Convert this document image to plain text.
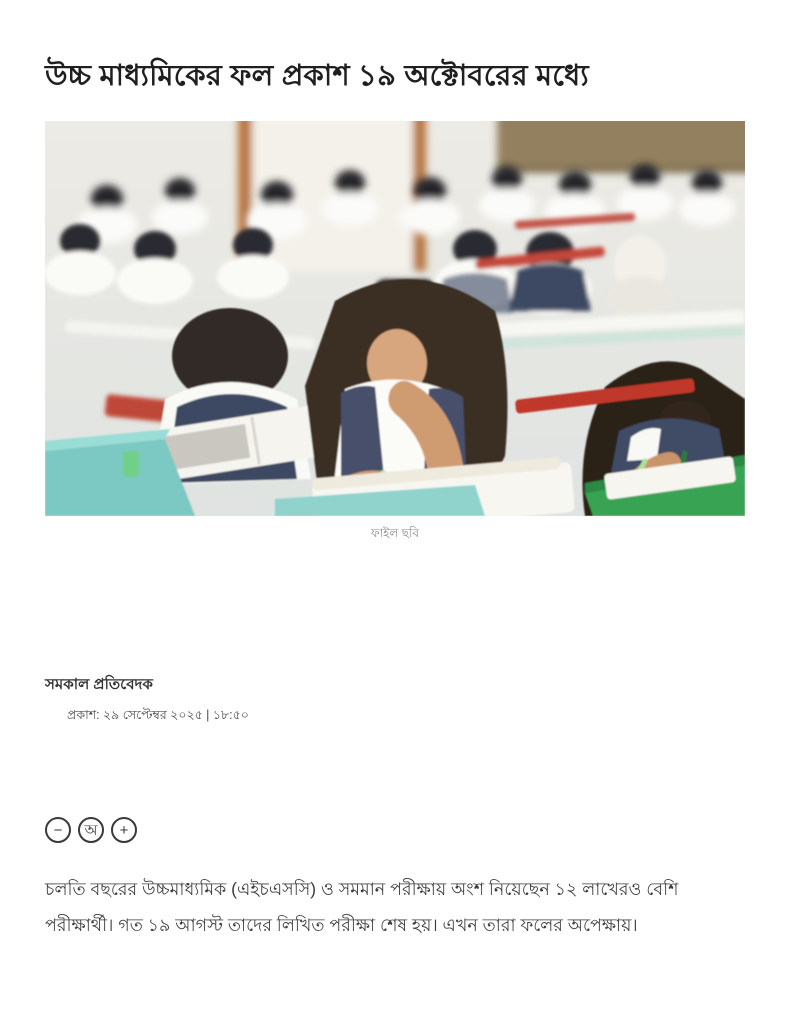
উচ্চ মাধ্যমিকের ফল প্রকাশ ১৯ অক্টোবরের মধ্যে
ফাইল ছবি
সমকাল প্রতিবেদক
প্রকাশ: ২৯ সেপ্টেম্বর ২০২৫ | ১৮:৫০
−	অ	+

চলতি বছরের উচ্চমাধ্যমিক (এইচএসসি) ও সমমান পরীক্ষায় অংশ নিয়েছেন ১২ লাখেরও বেশি পরীক্ষার্থী। গত ১৯ আগস্ট তাদের লিখিত পরীক্ষা শেষ হয়। এখন তারা ফলের অপেক্ষায়।
